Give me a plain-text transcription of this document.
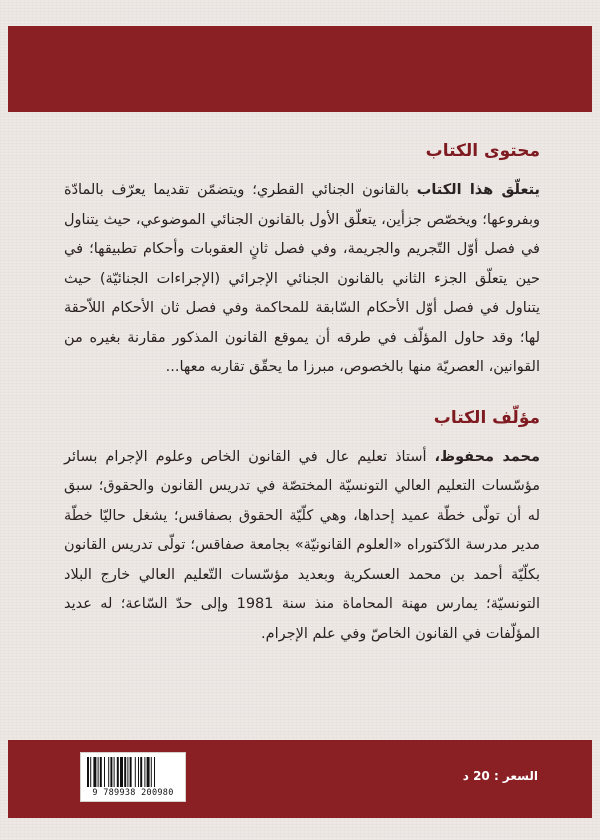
محتوى الكتاب

يتعلّق هذا الكتاب بالقانون الجنائي القطري؛ ويتضمّن تقديما يعرّف بالمادّة وبفروعها؛ ويخصّص جزأين، يتعلّق الأول بالقانون الجنائي الموضوعي، حيث يتناول في فصل أوّل التّجريم والجريمة، وفي فصل ثانٍ العقوبات وأحكام تطبيقها؛ في حين يتعلّق الجزء الثاني بالقانون الجنائي الإجرائي (الإجراءات الجنائيّة) حيث يتناول في فصل أوّل الأحكام السّابقة للمحاكمة وفي فصل ثان الأحكام اللاّحقة لها؛ وقد حاول المؤلّف في طرقه أن يموقع القانون المذكور مقارنة بغيره من القوانين، العصريّة منها بالخصوص، مبرزا ما يحقّق تقاربه معها...

مؤلّف الكتاب

محمد محفوظ، أستاذ تعليم عال في القانون الخاص وعلوم الإجرام بسائر مؤسّسات التعليم العالي التونسيّة المختصّة في تدريس القانون والحقوق؛ سبق له أن تولّى خطّة عميد إحداها، وهي كلّيّة الحقوق بصفاقس؛ يشغل حاليّا خطّة مدير مدرسة الدّكتوراه «العلوم القانونيّة» بجامعة صفاقس؛ تولّى تدريس القانون بكلّيّة أحمد بن محمد العسكرية وبعديد مؤسّسات التّعليم العالي خارج البلاد التونسيّة؛ يمارس مهنة المحاماة منذ سنة 1981 وإلى حدّ السّاعة؛ له عديد المؤلّفات في القانون الخاصّ وفي علم الإجرام.

السعر : 20 د
9 789938 200980
